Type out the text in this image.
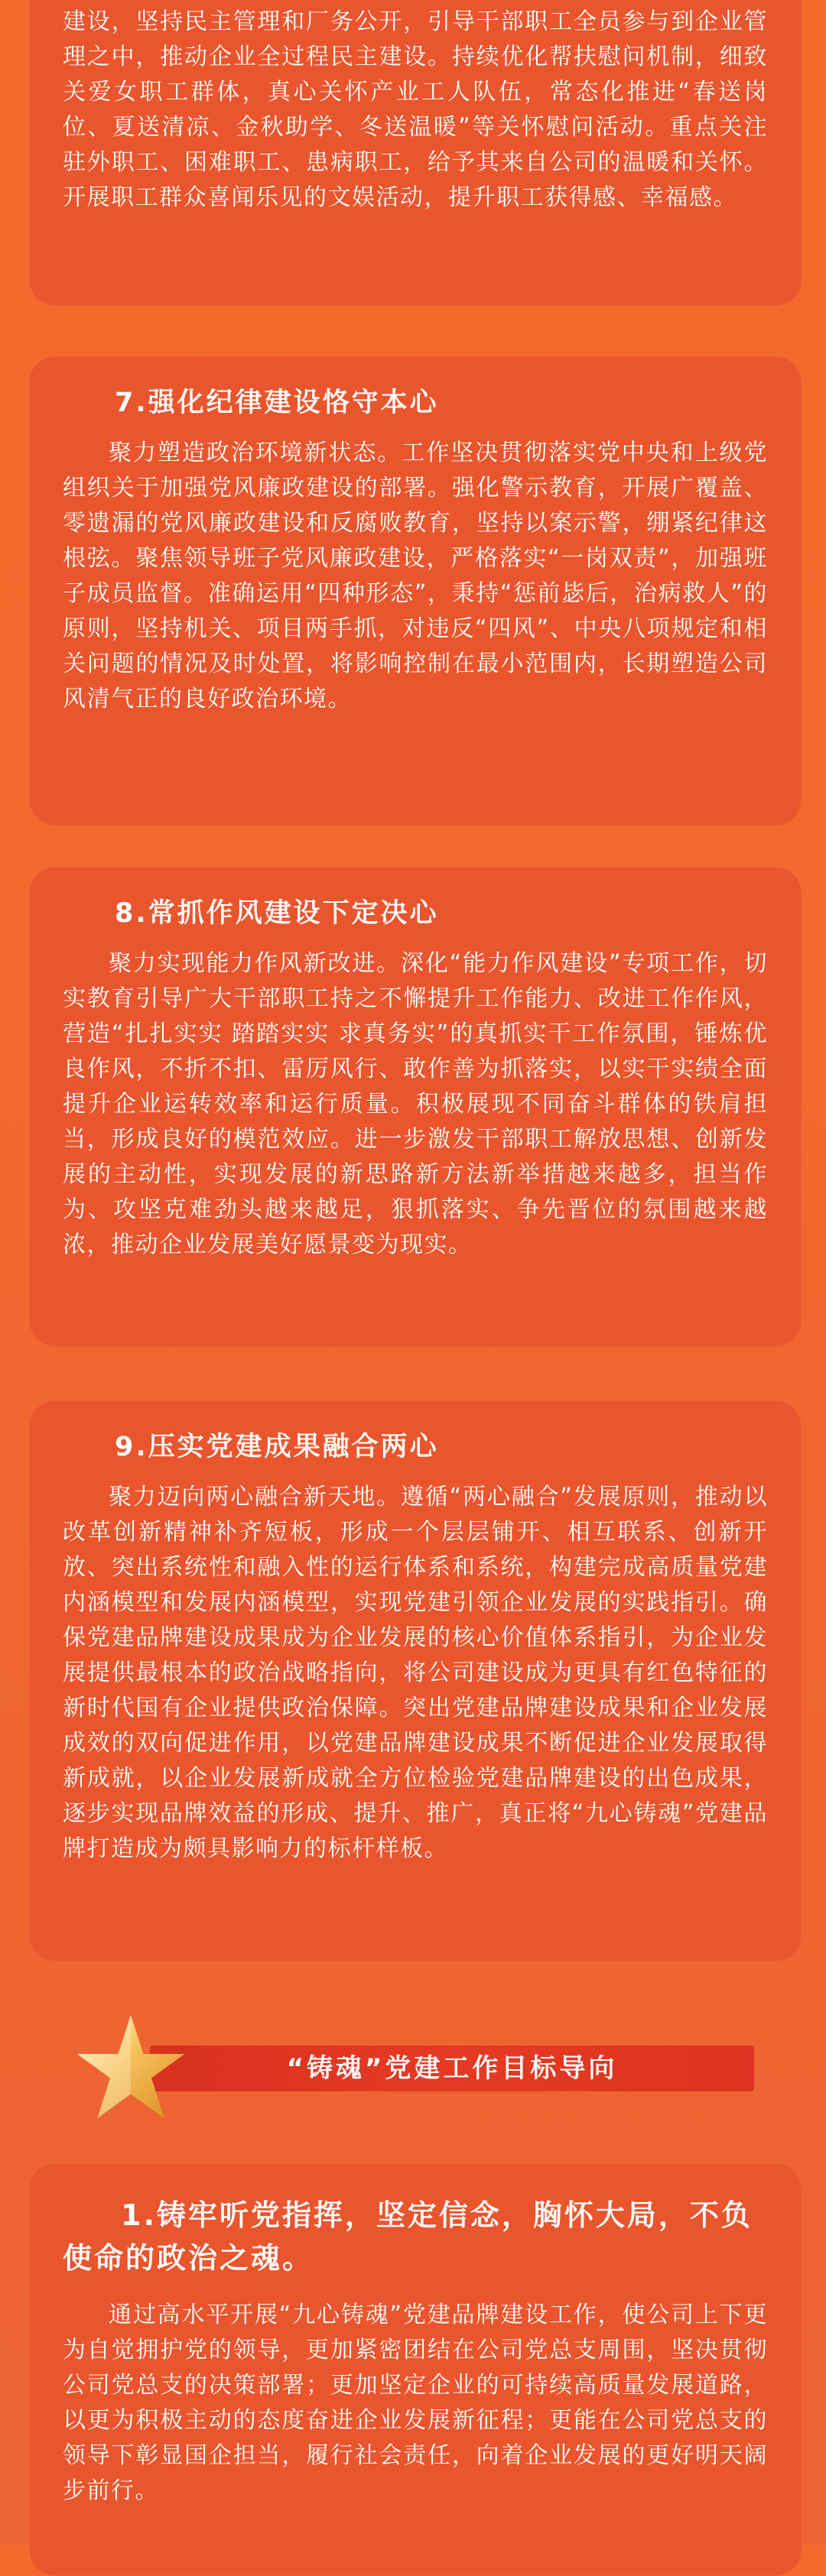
建设，坚持民主管理和厂务公开，引导干部职工全员参与到企业管理之中，推动企业全过程民主建设。持续优化帮扶慰问机制，细致关爱女职工群体，真心关怀产业工人队伍，常态化推进“春送岗位、夏送清凉、金秋助学、冬送温暖”等关怀慰问活动。重点关注驻外职工、困难职工、患病职工，给予其来自公司的温暖和关怀。开展职工群众喜闻乐见的文娱活动，提升职工获得感、幸福感。

7.强化纪律建设恪守本心

聚力塑造政治环境新状态。工作坚决贯彻落实党中央和上级党组织关于加强党风廉政建设的部署。强化警示教育，开展广覆盖、零遗漏的党风廉政建设和反腐败教育，坚持以案示警，绷紧纪律这根弦。聚焦领导班子党风廉政建设，严格落实“一岗双责”，加强班子成员监督。准确运用“四种形态”，秉持“惩前毖后，治病救人”的原则，坚持机关、项目两手抓，对违反“四风”、中央八项规定和相关问题的情况及时处置，将影响控制在最小范围内，长期塑造公司风清气正的良好政治环境。

8.常抓作风建设下定决心

聚力实现能力作风新改进。深化“能力作风建设”专项工作，切实教育引导广大干部职工持之不懈提升工作能力、改进工作作风，营造“扎扎实实 踏踏实实 求真务实”的真抓实干工作氛围，锤炼优良作风，不折不扣、雷厉风行、敢作善为抓落实，以实干实绩全面提升企业运转效率和运行质量。积极展现不同奋斗群体的铁肩担当，形成良好的模范效应。进一步激发干部职工解放思想、创新发展的主动性，实现发展的新思路新方法新举措越来越多，担当作为、攻坚克难劲头越来越足，狠抓落实、争先晋位的氛围越来越浓，推动企业发展美好愿景变为现实。

9.压实党建成果融合两心

聚力迈向两心融合新天地。遵循“两心融合”发展原则，推动以改革创新精神补齐短板，形成一个层层铺开、相互联系、创新开放、突出系统性和融入性的运行体系和系统，构建完成高质量党建内涵模型和发展内涵模型，实现党建引领企业发展的实践指引。确保党建品牌建设成果成为企业发展的核心价值体系指引，为企业发展提供最根本的政治战略指向，将公司建设成为更具有红色特征的新时代国有企业提供政治保障。突出党建品牌建设成果和企业发展成效的双向促进作用，以党建品牌建设成果不断促进企业发展取得新成就，以企业发展新成就全方位检验党建品牌建设的出色成果，逐步实现品牌效益的形成、提升、推广，真正将“九心铸魂”党建品牌打造成为颇具影响力的标杆样板。

“铸魂”党建工作目标导向
1.铸牢听党指挥，坚定信念，胸怀大局，不负使命的政治之魂。

通过高水平开展“九心铸魂”党建品牌建设工作，使公司上下更为自觉拥护党的领导，更加紧密团结在公司党总支周围，坚决贯彻公司党总支的决策部署；更加坚定企业的可持续高质量发展道路，以更为积极主动的态度奋进企业发展新征程；更能在公司党总支的领导下彰显国企担当，履行社会责任，向着企业发展的更好明天阔步前行。
